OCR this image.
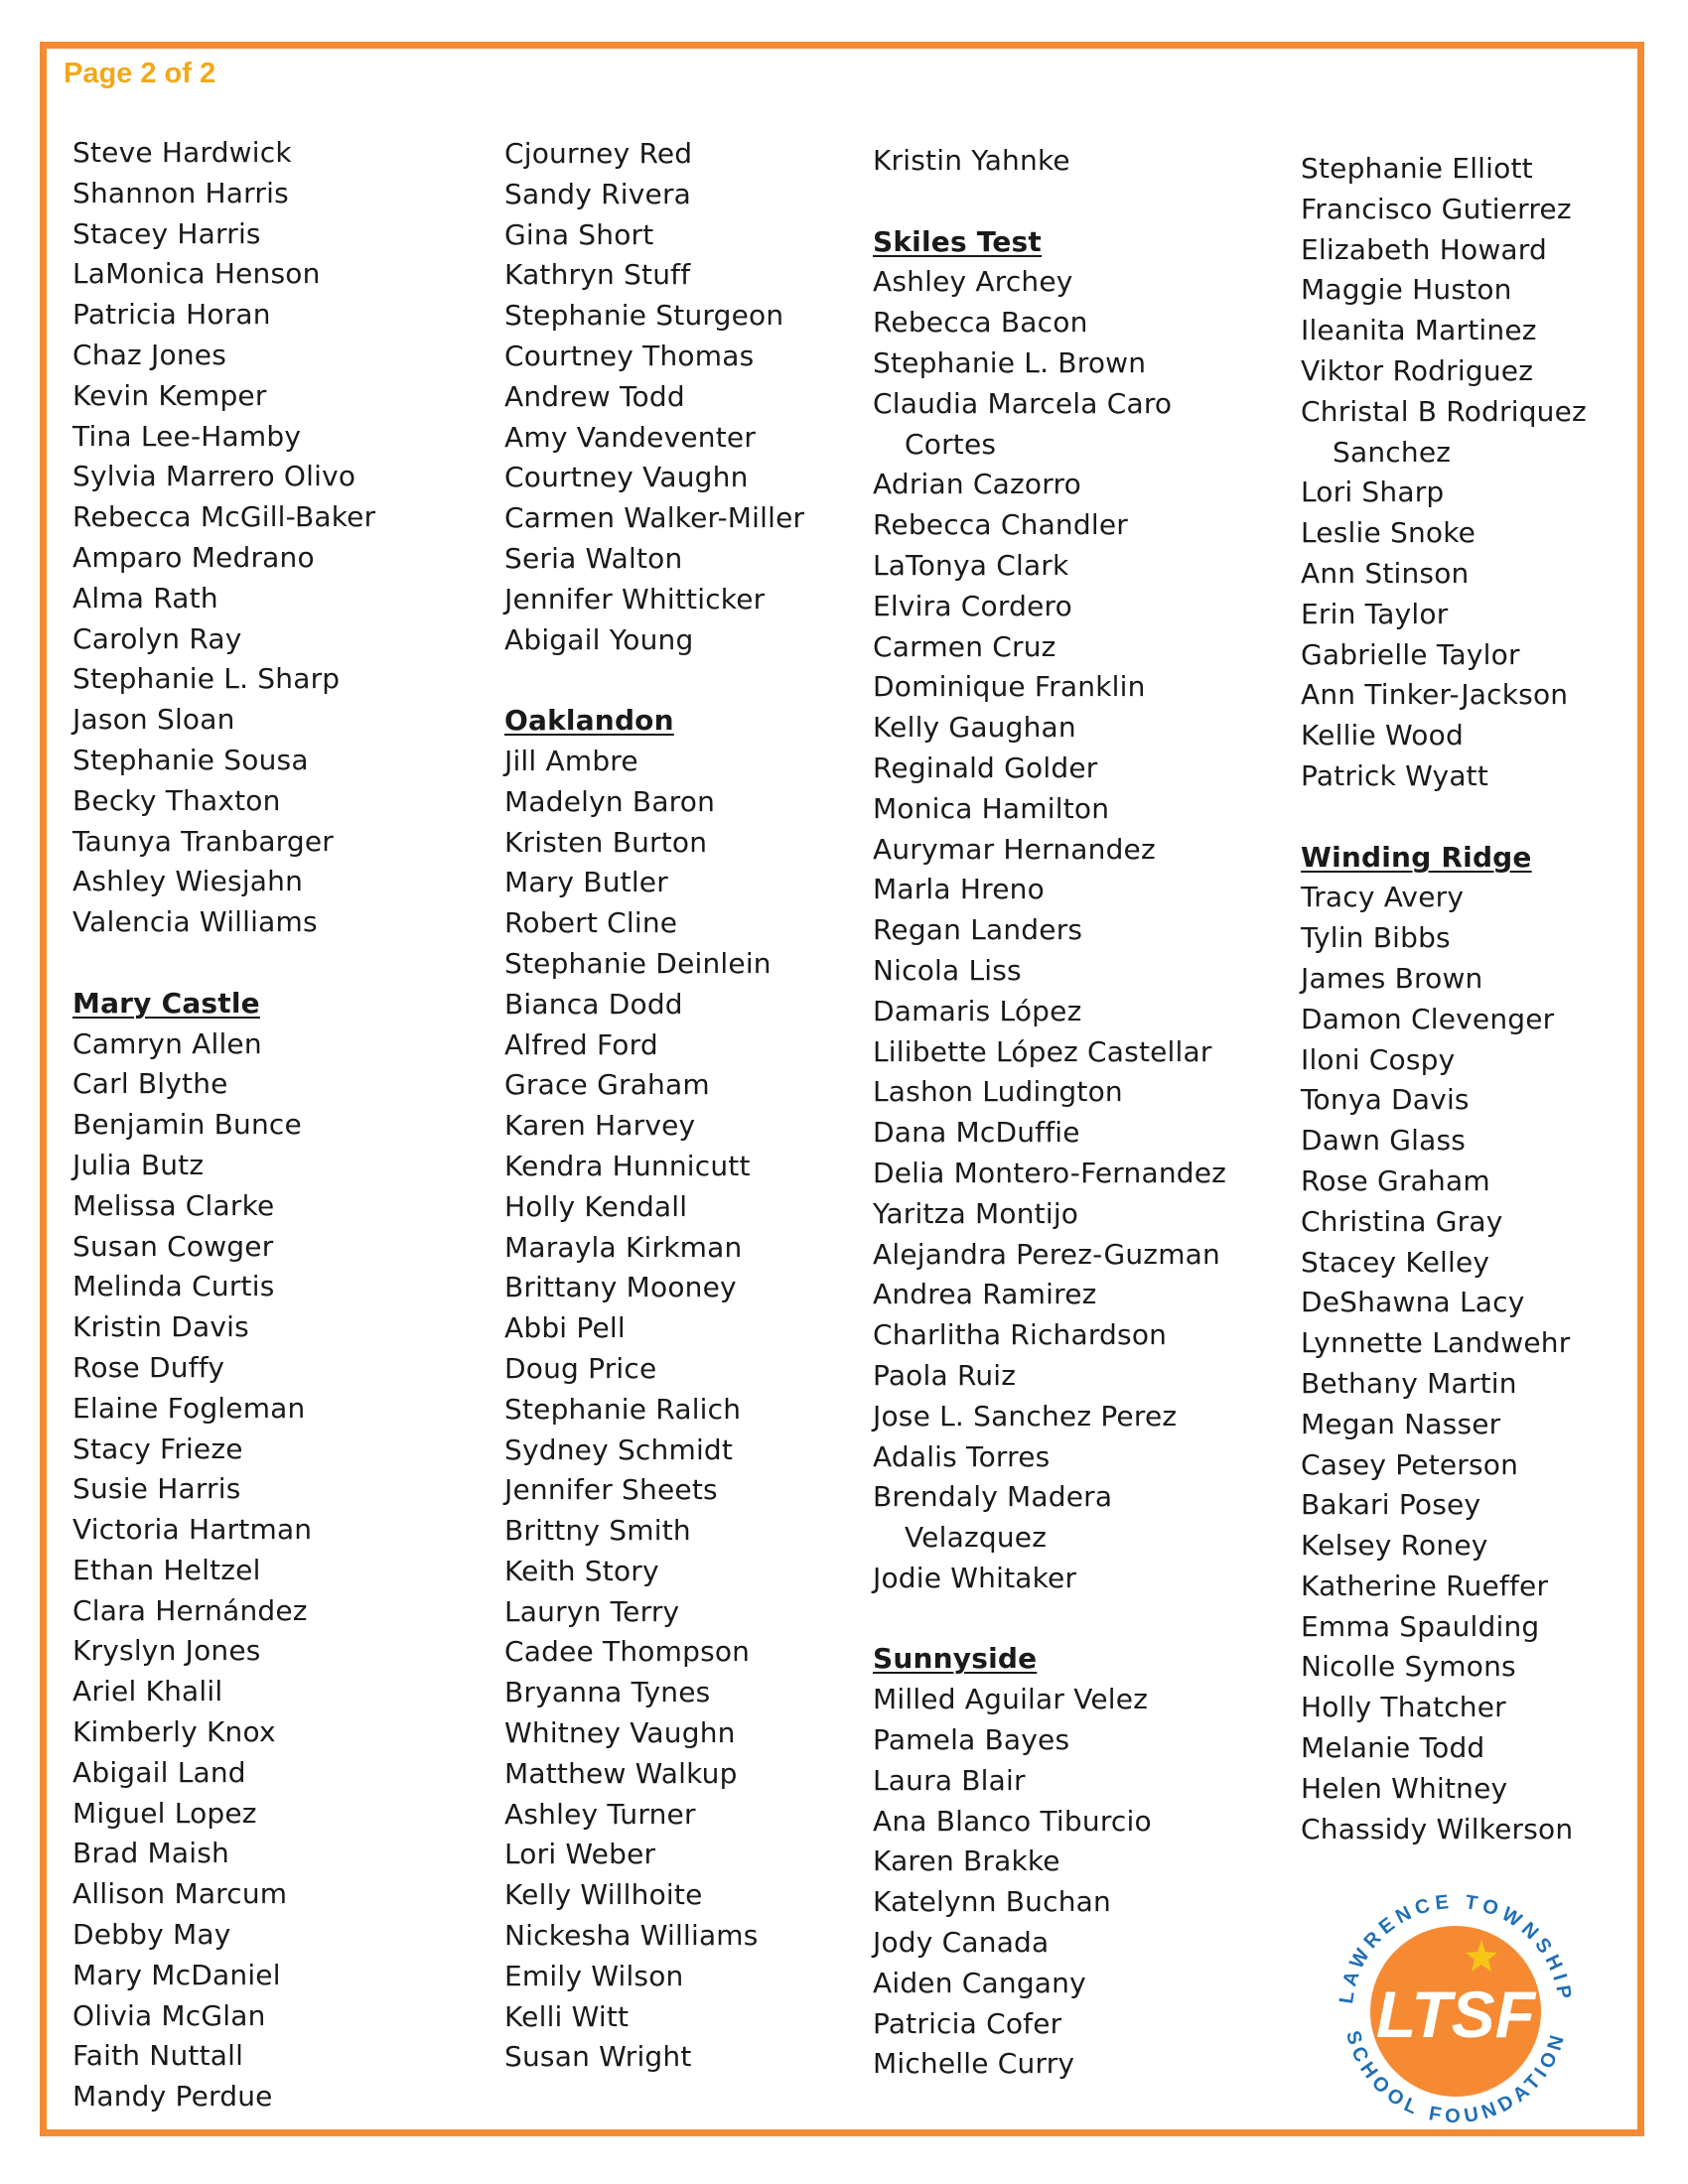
Page 2 of 2
Steve Hardwick
Shannon Harris
Stacey Harris
LaMonica Henson
Patricia Horan
Chaz Jones
Kevin Kemper
Tina Lee-Hamby
Sylvia Marrero Olivo
Rebecca McGill-Baker
Amparo Medrano
Alma Rath
Carolyn Ray
Stephanie L. Sharp
Jason Sloan
Stephanie Sousa
Becky Thaxton
Taunya Tranbarger
Ashley Wiesjahn
Valencia Williams
Mary Castle
Camryn Allen
Carl Blythe
Benjamin Bunce
Julia Butz
Melissa Clarke
Susan Cowger
Melinda Curtis
Kristin Davis
Rose Duffy
Elaine Fogleman
Stacy Frieze
Susie Harris
Victoria Hartman
Ethan Heltzel
Clara Hernández
Kryslyn Jones
Ariel Khalil
Kimberly Knox
Abigail Land
Miguel Lopez
Brad Maish
Allison Marcum
Debby May
Mary McDaniel
Olivia McGlan
Faith Nuttall
Mandy Perdue
Cjourney Red
Sandy Rivera
Gina Short
Kathryn Stuff
Stephanie Sturgeon
Courtney Thomas
Andrew Todd
Amy Vandeventer
Courtney Vaughn
Carmen Walker-Miller
Seria Walton
Jennifer Whitticker
Abigail Young
Oaklandon
Jill Ambre
Madelyn Baron
Kristen Burton
Mary Butler
Robert Cline
Stephanie Deinlein
Bianca Dodd
Alfred Ford
Grace Graham
Karen Harvey
Kendra Hunnicutt
Holly Kendall
Marayla Kirkman
Brittany Mooney
Abbi Pell
Doug Price
Stephanie Ralich
Sydney Schmidt
Jennifer Sheets
Brittny Smith
Keith Story
Lauryn Terry
Cadee Thompson
Bryanna Tynes
Whitney Vaughn
Matthew Walkup
Ashley Turner
Lori Weber
Kelly Willhoite
Nickesha Williams
Emily Wilson
Kelli Witt
Susan Wright
Kristin Yahnke
Skiles Test
Ashley Archey
Rebecca Bacon
Stephanie L. Brown
Claudia Marcela Caro
Cortes
Adrian Cazorro
Rebecca Chandler
LaTonya Clark
Elvira Cordero
Carmen Cruz
Dominique Franklin
Kelly Gaughan
Reginald Golder
Monica Hamilton
Aurymar Hernandez
Marla Hreno
Regan Landers
Nicola Liss
Damaris López
Lilibette López Castellar
Lashon Ludington
Dana McDuffie
Delia Montero-Fernandez
Yaritza Montijo
Alejandra Perez-Guzman
Andrea Ramirez
Charlitha Richardson
Paola Ruiz
Jose L. Sanchez Perez
Adalis Torres
Brendaly Madera
Velazquez
Jodie Whitaker
Sunnyside
Milled Aguilar Velez
Pamela Bayes
Laura Blair
Ana Blanco Tiburcio
Karen Brakke
Katelynn Buchan
Jody Canada
Aiden Cangany
Patricia Cofer
Michelle Curry
Stephanie Elliott
Francisco Gutierrez
Elizabeth Howard
Maggie Huston
Ileanita Martinez
Viktor Rodriguez
Christal B Rodriquez
Sanchez
Lori Sharp
Leslie Snoke
Ann Stinson
Erin Taylor
Gabrielle Taylor
Ann Tinker-Jackson
Kellie Wood
Patrick Wyatt
Winding Ridge
Tracy Avery
Tylin Bibbs
James Brown
Damon Clevenger
Iloni Cospy
Tonya Davis
Dawn Glass
Rose Graham
Christina Gray
Stacey Kelley
DeShawna Lacy
Lynnette Landwehr
Bethany Martin
Megan Nasser
Casey Peterson
Bakari Posey
Kelsey Roney
Katherine Rueffer
Emma Spaulding
Nicolle Symons
Holly Thatcher
Melanie Todd
Helen Whitney
Chassidy Wilkerson
LAWRENCE TOWNSHIP
SCHOOL FOUNDATION
LTSF
